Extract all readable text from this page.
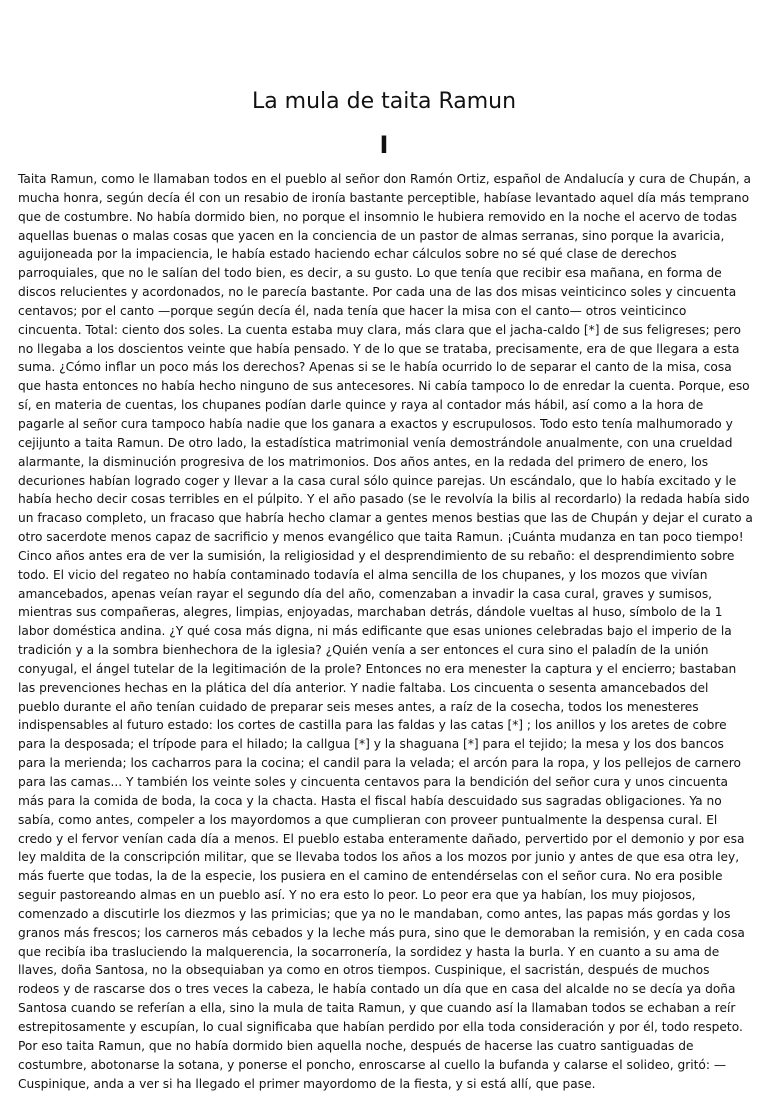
La mula de taita Ramun
I

Taita Ramun, como le llamaban todos en el pueblo al señor don Ramón Ortiz, español de Andalucía y cura de Chupán, a mucha honra, según decía él con un resabio de ironía bastante perceptible, habíase levantado aquel día más temprano que de costumbre. No había dormido bien, no porque el insomnio le hubiera removido en la noche el acervo de todas aquellas buenas o malas cosas que yacen en la conciencia de un pastor de almas serranas, sino porque la avaricia, aguijoneada por la impaciencia, le había estado haciendo echar cálculos sobre no sé qué clase de derechos parroquiales, que no le salían del todo bien, es decir, a su gusto. Lo que tenía que recibir esa mañana, en forma de discos relucientes y acordonados, no le parecía bastante. Por cada una de las dos misas veinticinco soles y cincuenta centavos; por el canto —porque según decía él, nada tenía que hacer la misa con el canto— otros veinticinco cincuenta. Total: ciento dos soles. La cuenta estaba muy clara, más clara que el jacha-caldo [*] de sus feligreses; pero no llegaba a los doscientos veinte que había pensado. Y de lo que se trataba, precisamente, era de que llegara a esta suma. ¿Cómo inflar un poco más los derechos? Apenas si se le había ocurrido lo de separar el canto de la misa, cosa que hasta entonces no había hecho ninguno de sus antecesores. Ni cabía tampoco lo de enredar la cuenta. Porque, eso sí, en materia de cuentas, los chupanes podían darle quince y raya al contador más hábil, así como a la hora de pagarle al señor cura tampoco había nadie que los ganara a exactos y escrupulosos. Todo esto tenía malhumorado y cejijunto a taita Ramun. De otro lado, la estadística matrimonial venía demostrándole anualmente, con una crueldad alarmante, la disminución progresiva de los matrimonios. Dos años antes, en la redada del primero de enero, los decuriones habían logrado coger y llevar a la casa cural sólo quince parejas. Un escándalo, que lo había excitado y le había hecho decir cosas terribles en el púlpito. Y el año pasado (se le revolvía la bilis al recordarlo) la redada había sido un fracaso completo, un fracaso que habría hecho clamar a gentes menos bestias que las de Chupán y dejar el curato a otro sacerdote menos capaz de sacrificio y menos evangélico que taita Ramun. ¡Cuánta mudanza en tan poco tiempo! Cinco años antes era de ver la sumisión, la religiosidad y el desprendimiento de su rebaño: el desprendimiento sobre todo. El vicio del regateo no había contaminado todavía el alma sencilla de los chupanes, y los mozos que vivían amancebados, apenas veían rayar el segundo día del año, comenzaban a invadir la casa cural, graves y sumisos, mientras sus compañeras, alegres, limpias, enjoyadas, marchaban detrás, dándole vueltas al huso, símbolo de la 1 labor doméstica andina. ¿Y qué cosa más digna, ni más edificante que esas uniones celebradas bajo el imperio de la tradición y a la sombra bienhechora de la iglesia? ¿Quién venía a ser entonces el cura sino el paladín de la unión conyugal, el ángel tutelar de la legitimación de la prole? Entonces no era menester la captura y el encierro; bastaban las prevenciones hechas en la plática del día anterior. Y nadie faltaba. Los cincuenta o sesenta amancebados del pueblo durante el año tenían cuidado de preparar seis meses antes, a raíz de la cosecha, todos los menesteres indispensables al futuro estado: los cortes de castilla para las faldas y las catas [*] ; los anillos y los aretes de cobre para la desposada; el trípode para el hilado; la callgua [*] y la shaguana [*] para el tejido; la mesa y los dos bancos para la merienda; los cacharros para la cocina; el candil para la velada; el arcón para la ropa, y los pellejos de carnero para las camas... Y también los veinte soles y cincuenta centavos para la bendición del señor cura y unos cincuenta más para la comida de boda, la coca y la chacta. Hasta el fiscal había descuidado sus sagradas obligaciones. Ya no sabía, como antes, compeler a los mayordomos a que cumplieran con proveer puntualmente la despensa cural. El credo y el fervor venían cada día a menos. El pueblo estaba enteramente dañado, pervertido por el demonio y por esa ley maldita de la conscripción militar, que se llevaba todos los años a los mozos por junio y antes de que esa otra ley, más fuerte que todas, la de la especie, los pusiera en el camino de entendérselas con el señor cura. No era posible seguir pastoreando almas en un pueblo así. Y no era esto lo peor. Lo peor era que ya habían, los muy piojosos, comenzado a discutirle los diezmos y las primicias; que ya no le mandaban, como antes, las papas más gordas y los granos más frescos; los carneros más cebados y la leche más pura, sino que le demoraban la remisión, y en cada cosa que recibía iba trasluciendo la malquerencia, la socarronería, la sordidez y hasta la burla. Y en cuanto a su ama de llaves, doña Santosa, no la obsequiaban ya como en otros tiempos. Cuspinique, el sacristán, después de muchos rodeos y de rascarse dos o tres veces la cabeza, le había contado un día que en casa del alcalde no se decía ya doña Santosa cuando se referían a ella, sino la mula de taita Ramun, y que cuando así la llamaban todos se echaban a reír estrepitosamente y escupían, lo cual significaba que habían perdido por ella toda consideración y por él, todo respeto. Por eso taita Ramun, que no había dormido bien aquella noche, después de hacerse las cuatro santiguadas de costumbre, abotonarse la sotana, y ponerse el poncho, enroscarse al cuello la bufanda y calarse el solideo, gritó: —Cuspinique, anda a ver si ha llegado el primer mayordomo de la fiesta, y si está allí, que pase.
